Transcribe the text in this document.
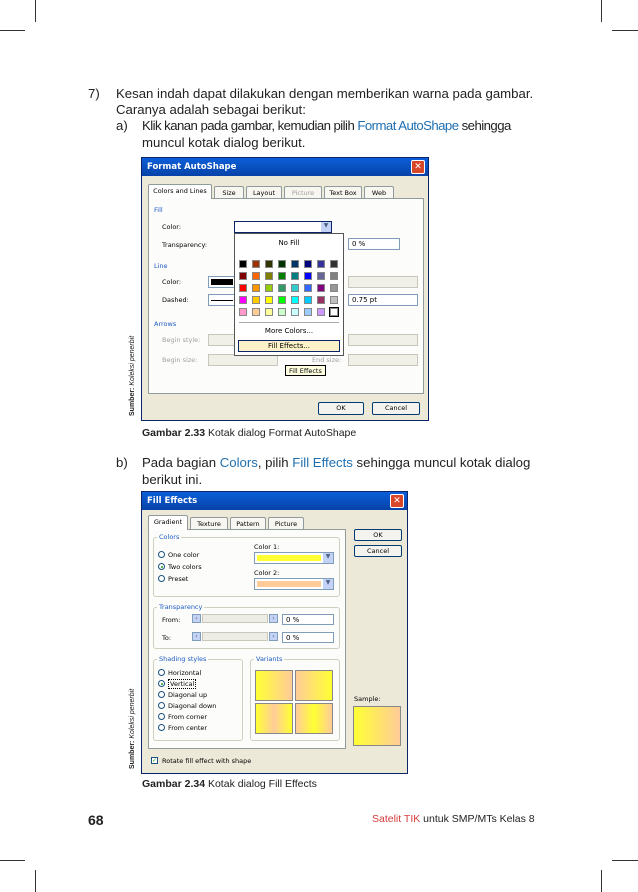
7) Kesan indah dapat dilakukan dengan memberikan warna pada gambar.
Caranya adalah sebagai berikut:
a) Klik kanan pada gambar, kemudian pilih Format AutoShape sehingga
muncul kotak dialog berikut.
Format AutoShape	✕
Colors and Lines	Size	Layout	Picture	Text Box	Web
Fill
Color:	▼
Transparency:	0 %
Line
Color:
Dashed:	0.75 pt
Arrows
Begin style:
Begin size:	End size:
No Fill
More Colors...
Fill Effects...
Fill Effects
OK	Cancel
Sumber: Koleksi penerbit
Gambar 2.33 Kotak dialog Format AutoShape
b) Pada bagian Colors, pilih Fill Effects sehingga muncul kotak dialog
berikut ini.
Fill Effects	✕
Gradient	Texture	Pattern	Picture
OK
Cancel
Colors
One color
Two colors
Preset
Color 1:
▼
Color 2:
▼
Transparency
From:	‹	›	0 %
To:	‹	›	0 %
Shading styles
Horizontal
Vertical
Diagonal up
Diagonal down
From corner
From center
Variants
Sample:
✓ Rotate fill effect with shape
Sumber: Koleksi penerbit
Gambar 2.34 Kotak dialog Fill Effects
68	Satelit TIK untuk SMP/MTs Kelas 8
